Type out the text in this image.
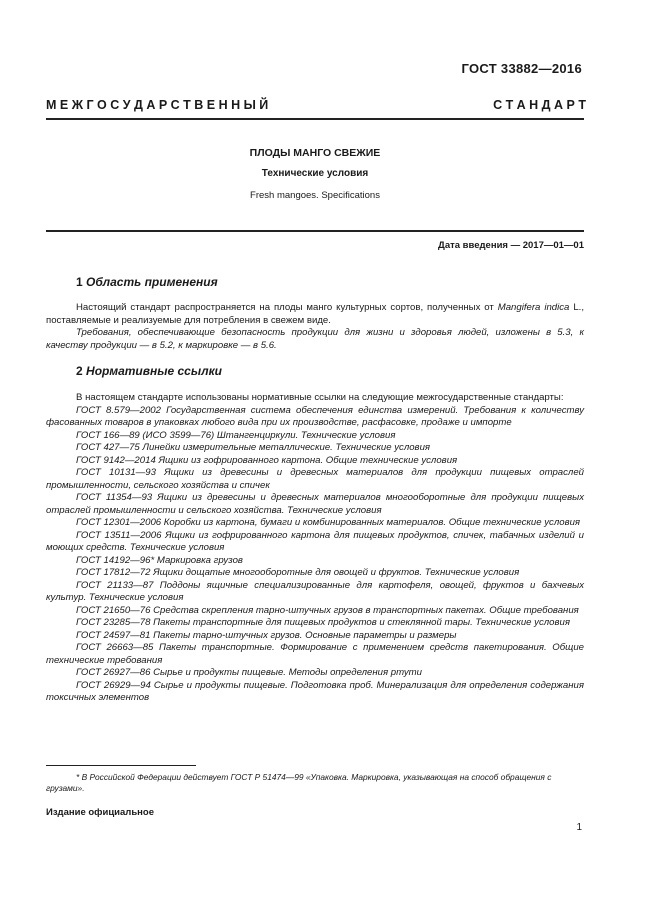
ГОСТ 33882—2016
М Е Ж Г О С У Д А Р С Т В Е Н Н Ы Й	С Т А Н Д А Р Т
ПЛОДЫ МАНГО СВЕЖИЕ
Технические условия
Fresh mangoes. Specifications
Дата введения — 2017—01—01
1 Область применения

Настоящий стандарт распространяется на плоды манго культурных сортов, полученных от Mangifera indica L., поставляемые и реализуемые для потребления в свежем виде.

Требования, обеспечивающие безопасность продукции для жизни и здоровья людей, изложены в 5.3, к качеству продукции — в 5.2, к маркировке — в 5.6.

2 Нормативные ссылки

В настоящем стандарте использованы нормативные ссылки на следующие межгосударственные стандарты:

ГОСТ 8.579—2002 Государственная система обеспечения единства измерений. Требования к количеству фасованных товаров в упаковках любого вида при их производстве, расфасовке, продаже и импорте

ГОСТ 166—89 (ИСО 3599—76) Штангенциркули. Технические условия

ГОСТ 427—75 Линейки измерительные металлические. Технические условия

ГОСТ 9142—2014 Ящики из гофрированного картона. Общие технические условия

ГОСТ 10131—93 Ящики из древесины и древесных материалов для продукции пищевых отраслей промышленности, сельского хозяйства и спичек

ГОСТ 11354—93 Ящики из древесины и древесных материалов многооборотные для продукции пищевых отраслей промышленности и сельского хозяйства. Технические условия

ГОСТ 12301—2006 Коробки из картона, бумаги и комбинированных материалов. Общие технические условия

ГОСТ 13511—2006 Ящики из гофрированного картона для пищевых продуктов, спичек, табачных изделий и моющих средств. Технические условия

ГОСТ 14192—96* Маркировка грузов

ГОСТ 17812—72 Ящики дощатые многооборотные для овощей и фруктов. Технические условия

ГОСТ 21133—87 Поддоны ящичные специализированные для картофеля, овощей, фруктов и бахчевых культур. Технические условия

ГОСТ 21650—76 Средства скрепления тарно-штучных грузов в транспортных пакетах. Общие требования

ГОСТ 23285—78 Пакеты транспортные для пищевых продуктов и стеклянной тары. Технические условия

ГОСТ 24597—81 Пакеты тарно-штучных грузов. Основные параметры и размеры

ГОСТ 26663—85 Пакеты транспортные. Формирование с применением средств пакетирования. Общие технические требования

ГОСТ 26927—86 Сырье и продукты пищевые. Методы определения ртути

ГОСТ 26929—94 Сырье и продукты пищевые. Подготовка проб. Минерализация для определения содержания токсичных элементов

* В Российской Федерации действует ГОСТ Р 51474—99 «Упаковка. Маркировка, указывающая на способ обращения с грузами».

Издание официальное
1
